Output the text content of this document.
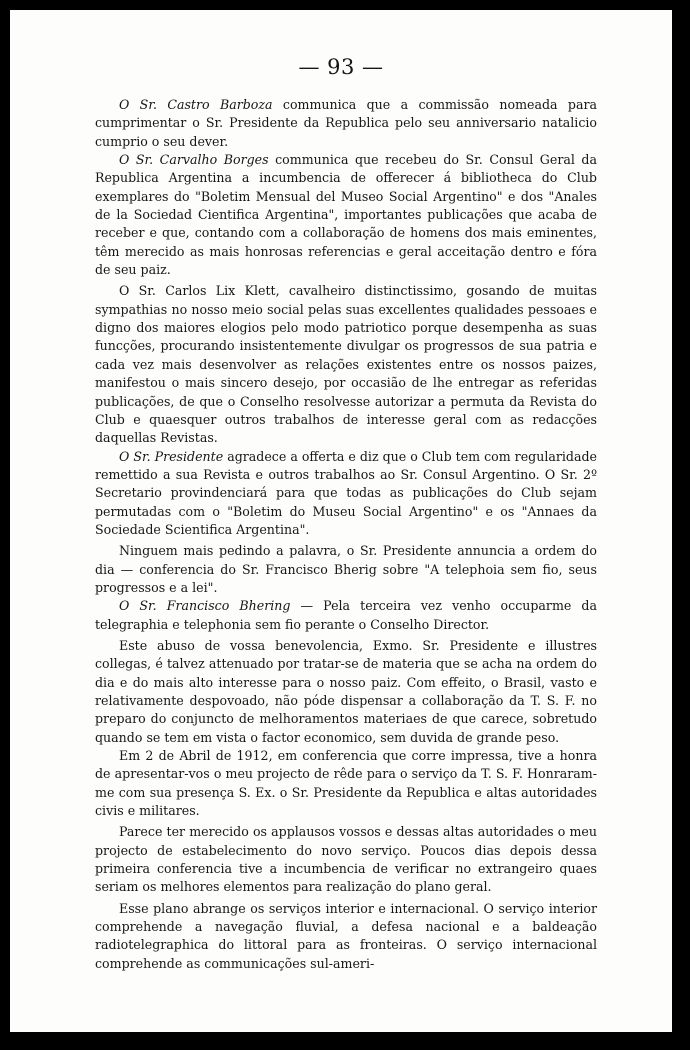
— 93 —

O Sr. Castro Barboza communica que a commissão nomeada para cumprimentar o Sr. Presidente da Republica pelo seu anniversario natalicio cumprio o seu dever.

O Sr. Carvalho Borges communica que recebeu do Sr. Consul Geral da Republica Argentina a incumbencia de offerecer á bibliotheca do Club exemplares do "Boletim Mensual del Museo Social Argentino" e dos "Anales de la Sociedad Cientifica Argentina", importantes publicações que acaba de receber e que, contando com a collaboração de homens dos mais eminentes, têm merecido as mais honrosas referencias e geral acceitação dentro e fóra de seu paiz.

O Sr. Carlos Lix Klett, cavalheiro distinctissimo, gosando de muitas sympathias no nosso meio social pelas suas excellentes qualidades pessoaes e digno dos maiores elogios pelo modo patriotico porque desempenha as suas funcções, procurando insistentemente divulgar os progressos de sua patria e cada vez mais desenvolver as relações existentes entre os nossos paizes, manifestou o mais sincero desejo, por occasião de lhe entregar as referidas publicações, de que o Conselho resolvesse autorizar a permuta da Revista do Club e quaesquer outros trabalhos de interesse geral com as redacções daquellas Revistas.

O Sr. Presidente agradece a offerta e diz que o Club tem com regularidade remettido a sua Revista e outros trabalhos ao Sr. Consul Argentino. O Sr. 2º Secretario provindenciará para que todas as publicações do Club sejam permutadas com o "Boletim do Museu Social Argentino" e os "Annaes da Sociedade Scientifica Argentina".

Ninguem mais pedindo a palavra, o Sr. Presidente annuncia a ordem do dia — conferencia do Sr. Francisco Bherig sobre "A telephoia sem fio, seus progressos e a lei".

O Sr. Francisco Bhering — Pela terceira vez venho occuparme da telegraphia e telephonia sem fio perante o Conselho Director.

Este abuso de vossa benevolencia, Exmo. Sr. Presidente e illustres collegas, é talvez attenuado por tratar-se de materia que se acha na ordem do dia e do mais alto interesse para o nosso paiz. Com effeito, o Brasil, vasto e relativamente despovoado, não póde dispensar a collaboração da T. S. F. no preparo do conjuncto de melhoramentos materiaes de que carece, sobretudo quando se tem em vista o factor economico, sem duvida de grande peso.

Em 2 de Abril de 1912, em conferencia que corre impressa, tive a honra de apresentar-vos o meu projecto de rêde para o serviço da T. S. F. Honraram-me com sua presença S. Ex. o Sr. Presidente da Republica e altas autoridades civis e militares.

Parece ter merecido os applausos vossos e dessas altas autoridades o meu projecto de estabelecimento do novo serviço. Poucos dias depois dessa primeira conferencia tive a incumbencia de verificar no extrangeiro quaes seriam os melhores elementos para realização do plano geral.

Esse plano abrange os serviços interior e internacional. O serviço interior comprehende a navegação fluvial, a defesa nacional e a baldeação radiotelegraphica do littoral para as fronteiras. O serviço internacional comprehende as communicações sul-ameri-
